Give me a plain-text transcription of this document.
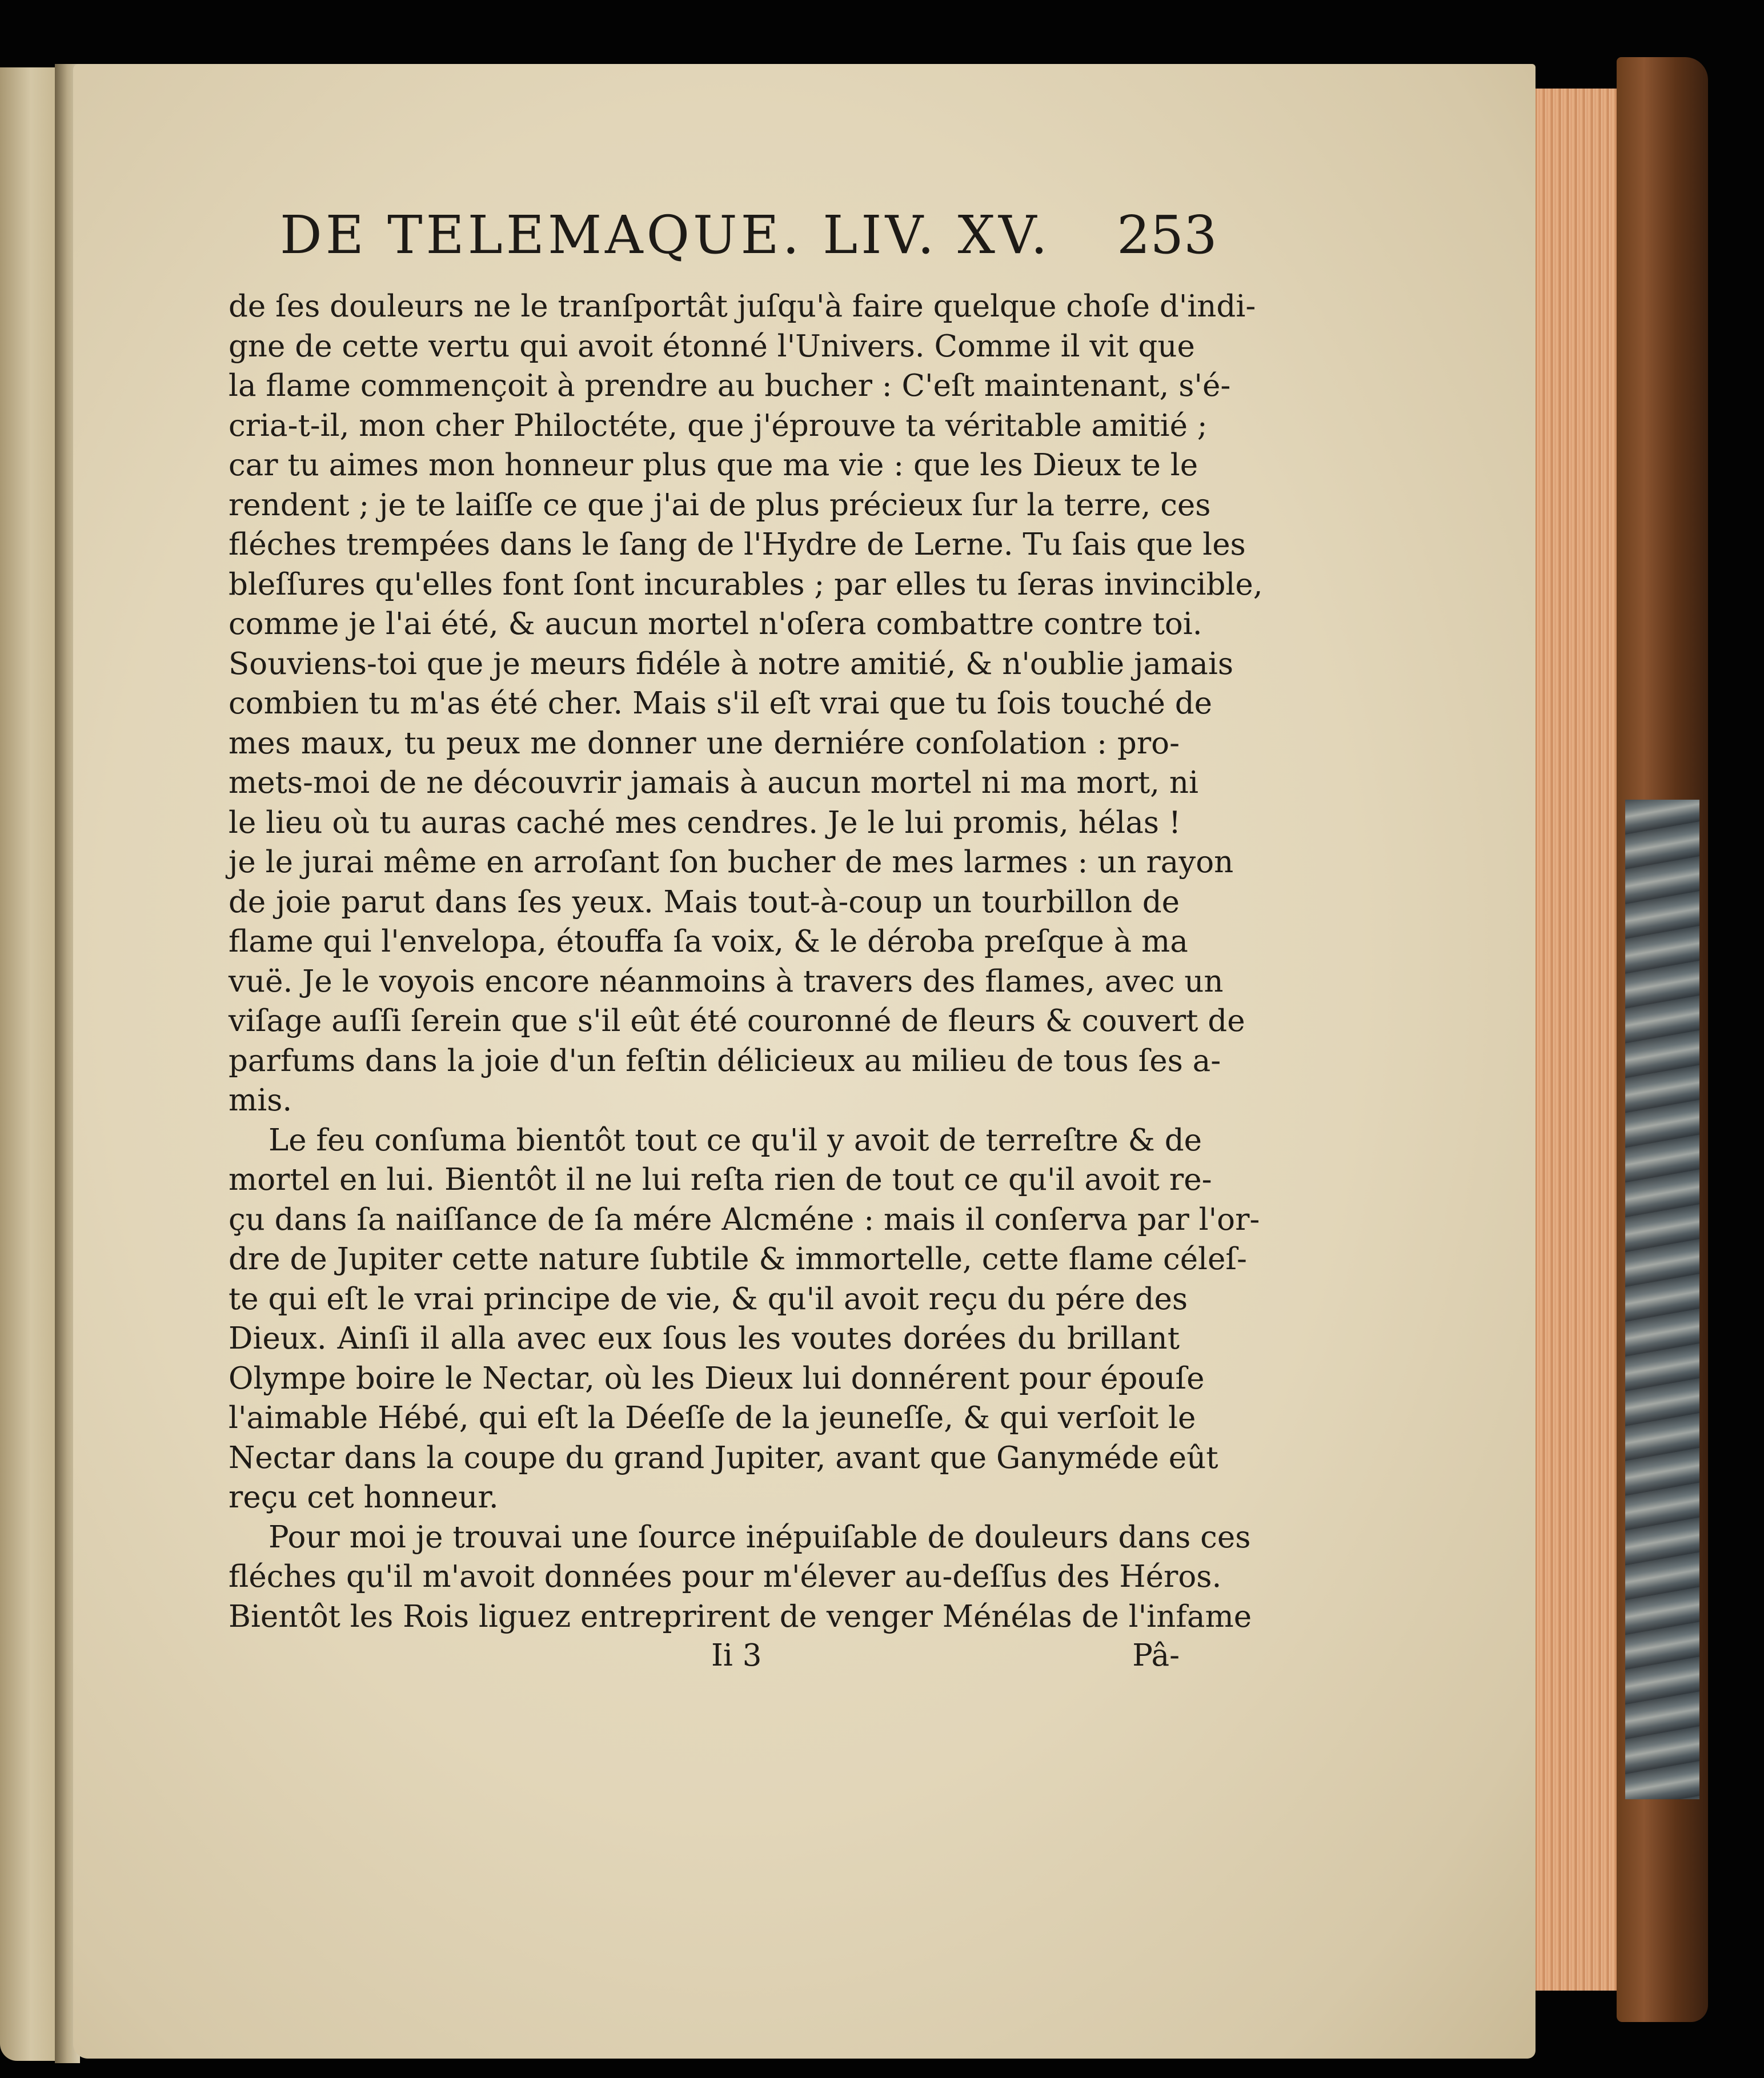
DE TELEMAQUE. LIV. XV. 253
de ſes douleurs ne le tranſportât juſqu'à faire quelque choſe d'indi-
gne de cette vertu qui avoit étonné l'Univers. Comme il vit que
la flame commençoit à prendre au bucher : C'eſt maintenant, s'é-
cria-t-il, mon cher Philoctéte, que j'éprouve ta véritable amitié ;
car tu aimes mon honneur plus que ma vie : que les Dieux te le
rendent ; je te laiſſe ce que j'ai de plus précieux ſur la terre, ces
fléches trempées dans le ſang de l'Hydre de Lerne. Tu ſais que les
bleſſures qu'elles font ſont incurables ; par elles tu ſeras invincible,
comme je l'ai été, & aucun mortel n'oſera combattre contre toi.
Souviens-toi que je meurs fidéle à notre amitié, & n'oublie jamais
combien tu m'as été cher. Mais s'il eſt vrai que tu ſois touché de
mes maux, tu peux me donner une derniére conſolation : pro-
mets-moi de ne découvrir jamais à aucun mortel ni ma mort, ni
le lieu où tu auras caché mes cendres. Je le lui promis, hélas !
je le jurai même en arroſant ſon bucher de mes larmes : un rayon
de joie parut dans ſes yeux. Mais tout-à-coup un tourbillon de
flame qui l'envelopa, étouffa ſa voix, & le déroba preſque à ma
vuë. Je le voyois encore néanmoins à travers des flames, avec un
viſage auſſi ſerein que s'il eût été couronné de fleurs & couvert de
parfums dans la joie d'un feſtin délicieux au milieu de tous ſes a-
mis.
Le feu conſuma bientôt tout ce qu'il y avoit de terreſtre & de
mortel en lui. Bientôt il ne lui reſta rien de tout ce qu'il avoit re-
çu dans ſa naiſſance de ſa mére Alcméne : mais il conſerva par l'or-
dre de Jupiter cette nature ſubtile & immortelle, cette flame céleſ-
te qui eſt le vrai principe de vie, & qu'il avoit reçu du pére des
Dieux. Ainſi il alla avec eux ſous les voutes dorées du brillant
Olympe boire le Nectar, où les Dieux lui donnérent pour épouſe
l'aimable Hébé, qui eſt la Déeſſe de la jeuneſſe, & qui verſoit le
Nectar dans la coupe du grand Jupiter, avant que Ganyméde eût
reçu cet honneur.
Pour moi je trouvai une ſource inépuiſable de douleurs dans ces
fléches qu'il m'avoit données pour m'élever au-deſſus des Héros.
Bientôt les Rois liguez entreprirent de venger Ménélas de l'infame
Ii 3	Pâ-
